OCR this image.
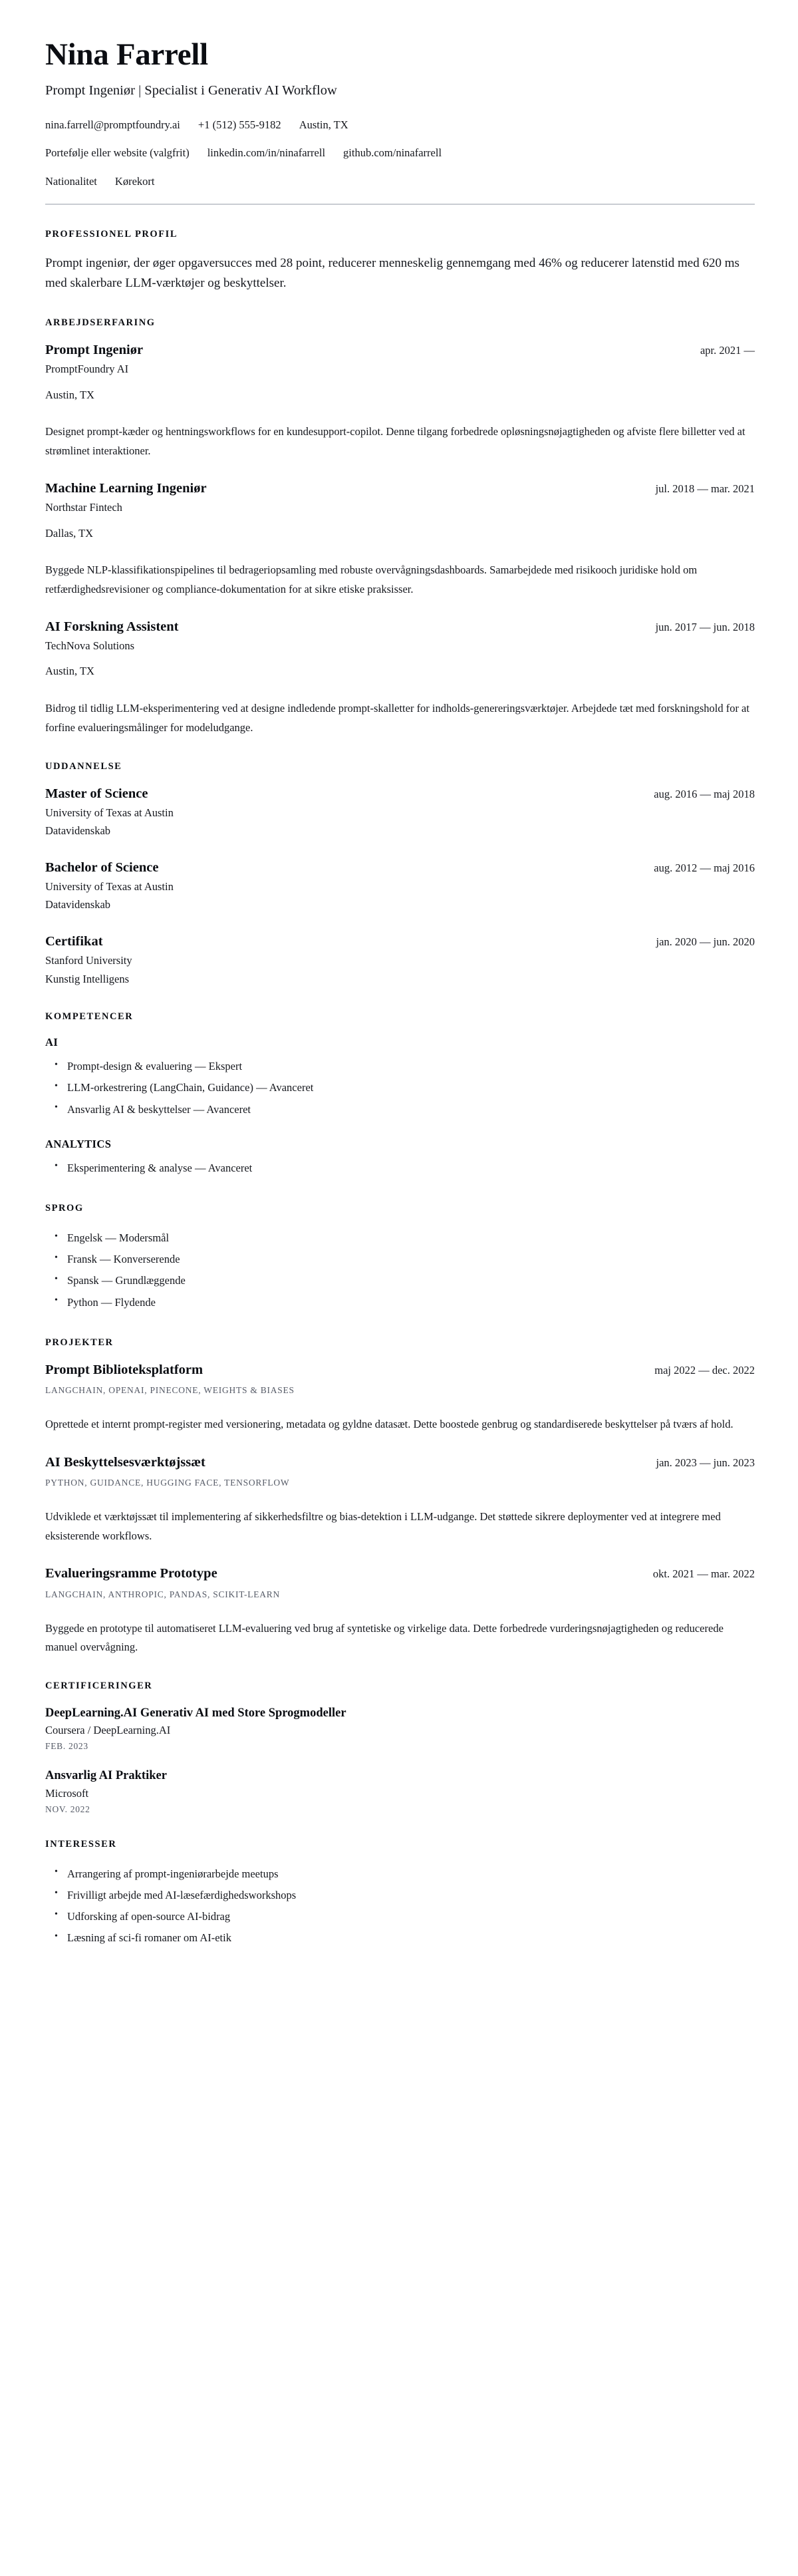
Nina Farrell
Prompt Ingeniør | Specialist i Generativ AI Workflow
nina.farrell@promptfoundry.ai +1 (512) 555-9182 Austin, TX
Portefølje eller website (valgfrit) linkedin.com/in/ninafarrell github.com/ninafarrell
Nationalitet Kørekort
PROFESSIONEL PROFIL

Prompt ingeniør, der øger opgaversucces med 28 point, reducerer menneskelig gennemgang med 46% og reducerer latenstid med 620 ms med skalerbare LLM-værktøjer og beskyttelser.

ARBEJDSERFARING
Prompt Ingeniør	apr. 2021 —

PromptFoundry AI

Austin, TX

Designet prompt-kæder og hentningsworkflows for en kundesupport-copilot. Denne tilgang forbedrede opløsningsnøjagtigheden og afviste flere billetter ved at strømlinet interaktioner.

Machine Learning Ingeniør	jul. 2018 — mar. 2021

Northstar Fintech

Dallas, TX

Byggede NLP-klassifikationspipelines til bedrageriopsamling med robuste overvågningsdashboards. Samarbejdede med risikooch juridiske hold om retfærdighedsrevisioner og compliance-dokumentation for at sikre etiske praksisser.

AI Forskning Assistent	jun. 2017 — jun. 2018

TechNova Solutions

Austin, TX

Bidrog til tidlig LLM-eksperimentering ved at designe indledende prompt-skalletter for indholds-genereringsværktøjer. Arbejdede tæt med forskningshold for at forfine evalueringsmålinger for modeludgange.

UDDANNELSE
Master of Science	aug. 2016 — maj 2018

University of Texas at Austin

Datavidenskab

Bachelor of Science	aug. 2012 — maj 2016

University of Texas at Austin

Datavidenskab

Certifikat	jan. 2020 — jun. 2020

Stanford University

Kunstig Intelligens

KOMPETENCER
AI
• Prompt-design & evaluering — Ekspert
• LLM-orkestrering (LangChain, Guidance) — Avanceret
• Ansvarlig AI & beskyttelser — Avanceret
ANALYTICS
• Eksperimentering & analyse — Avanceret
SPROG
• Engelsk — Modersmål
• Fransk — Konverserende
• Spansk — Grundlæggende
• Python — Flydende
PROJEKTER
Prompt Biblioteksplatform	maj 2022 — dec. 2022

LANGCHAIN, OPENAI, PINECONE, WEIGHTS & BIASES

Oprettede et internt prompt-register med versionering, metadata og gyldne datasæt. Dette boostede genbrug og standardiserede beskyttelser på tværs af hold.

AI Beskyttelsesværktøjssæt	jan. 2023 — jun. 2023

PYTHON, GUIDANCE, HUGGING FACE, TENSORFLOW

Udviklede et værktøjssæt til implementering af sikkerhedsfiltre og bias-detektion i LLM-udgange. Det støttede sikrere deploymenter ved at integrere med eksisterende workflows.

Evalueringsramme Prototype	okt. 2021 — mar. 2022

LANGCHAIN, ANTHROPIC, PANDAS, SCIKIT-LEARN

Byggede en prototype til automatiseret LLM-evaluering ved brug af syntetiske og virkelige data. Dette forbedrede vurderingsnøjagtigheden og reducerede manuel overvågning.

CERTIFICERINGER

DeepLearning.AI Generativ AI med Store Sprogmodeller

Coursera / DeepLearning.AI

FEB. 2023

Ansvarlig AI Praktiker

Microsoft

NOV. 2022

INTERESSER
• Arrangering af prompt-ingeniørarbejde meetups
• Frivilligt arbejde med AI-læsefærdighedsworkshops
• Udforsking af open-source AI-bidrag
• Læsning af sci-fi romaner om AI-etik
